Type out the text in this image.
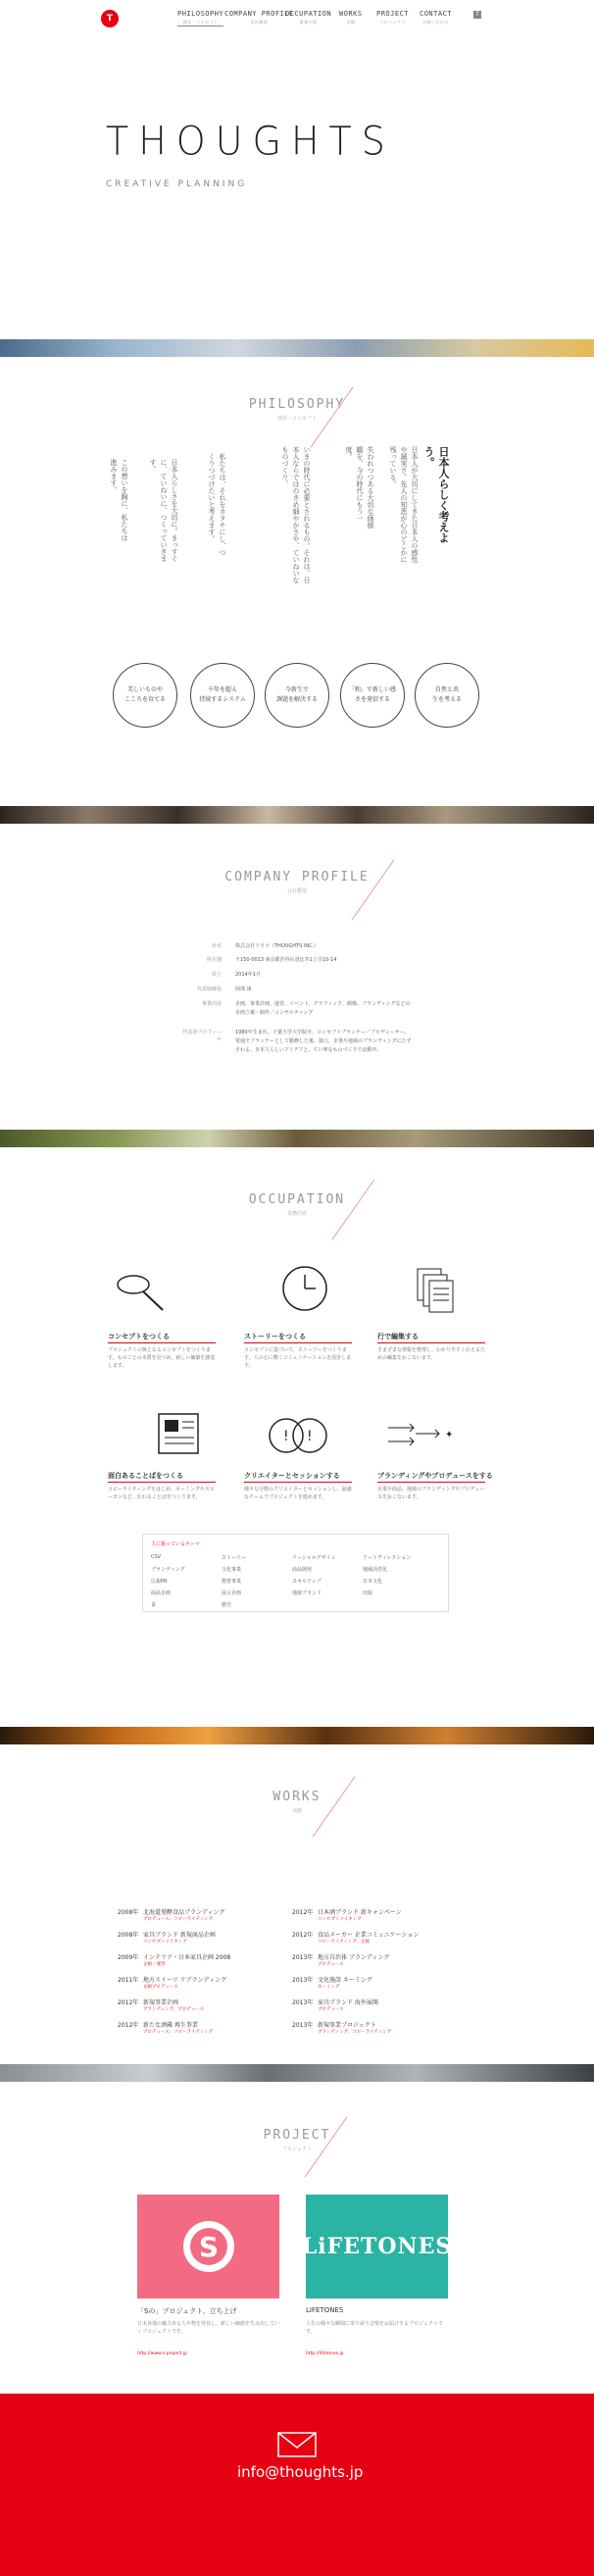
T	PHILOSOPHY
理念・コンセプト
COMPANY PROFILE
会社概要
OCCUPATION
業務内容
WORKS
実績
PROJECT
プロジェクト
CONTACT
お問い合わせ
f
THOUGHTS
CREATIVE PLANNING
PHILOSOPHY
理念・コンセプト
日本人らしく考えよう。
日本人が大切にしてきた日本人の感性や誠実さ。先人の知恵が心のどこかに残っている。
失われつつある大切な価値観を、今の時代にもう一度。
いまの時代に必要とされるもの。それは、日本人ならではのきめ細やかさや、ていねいなものづくり。
私たちは、それをカタチにし、つくりつづけたいと考えます。
日本人らしさを大切に。まっすぐに、ていねいに、つくっていきます。
この想いを胸に、私たちは進みます。
美しいものや
こころを育てる
千年を超え
持続するシステム
今新生で
課題を解決する
「和」で新しい感
さを発信する
自然と共
生を考える
COMPANY PROFILE
会社概要
社名	株式会社ソウツ（THOUGHTS INC.）
所在地	〒150-0013 東京都渋谷区恵比寿1丁目10-14
設立	2014年1月
代表取締役	岡部 康
事業内容	企画、事業計画、運営、イベント、グラフィック、映像、ブランディングなどの企画立案・制作／コンサルティング
代表者プロフィール
1980年生まれ。千葉大学大学院卒。コンセプトプランナー／プロデューサー。電通でプランナーとして勤務した後、独立。企業や地域のブランディングにたずさわる。日本人らしいアイデアと、てい寧なものづくりで活動中。
OCCUPATION
業務内容
コンセプトをつくる
プロジェクトの核となるコンセプトをつくります。ものごとの本質を見つめ、新しい価値を創造します。
ストーリーをつくる
コンセプトに基づいて、ストーリーをつくります。人の心に響くコミュニケーションを設計します。
行で編集する
さまざまな情報を整理し、わかりやすく伝えるための編集をおこないます。
! !	✦
面白あることばをつくる
コピーライティングをはじめ、ネーミングやスローガンなど、伝わることばをつくります。
クリエイターとセッションする
様々な分野のクリエイターとセッションし、最適なチームでプロジェクトを進めます。
ブランディングやプロデュースをする
企業や商品、地域のブランディングやプロデュースをおこないます。
主に扱っているテーマ
CSV	ストーリー	ソーシャルデザイン	アートディレクション
ブランディング	文化事業	商品開発	地域活性化
広報PR	教育事業	スキルアップ	日本文化
商品企画	展示企画	地域ブランド	出版
食	歴史
WORKS
実績
2008年 北海道発酵食品ブランディング
プロデュース、コピーライティング
2008年 家具ブランド 新規商品企画
コンセプトメイキング
2009年 インテリア・日本家具企画 2008
企画・運営
2011年 地方スイーツ リブランディング
企画プロデュース
2012年 新規事業企画
ブランディング、プロデュース
2012年 新たな酒蔵 再生事業
プロデュース、コピーライティング
2012年 日本酒ブランド 新キャンペーン
コンセプトメイキング
2012年 食品メーカー 企業コミュニケーション
コピーライティング、企画
2013年 地方自治体 ブランディング
プロデュース
2013年 文化施設 ネーミング
ネーミング
2013年 家具ブランド 海外展開
プロデュース
2013年 新規事業プロジェクト
ブランディング、コピーライティング
PROJECT
プロジェクト
S	LiFETONES
「Sの」プロジェクト、立ち上げ
日本各地の魅力ある人や物を発見し、新しい価値を生み出していくプロジェクトです。
http://www.s-project.jp
LIFETONES
人生の様々な瞬間に寄り添う音楽をお届けするプロジェクトです。
http://lifetones.jp
info@thoughts.jp
